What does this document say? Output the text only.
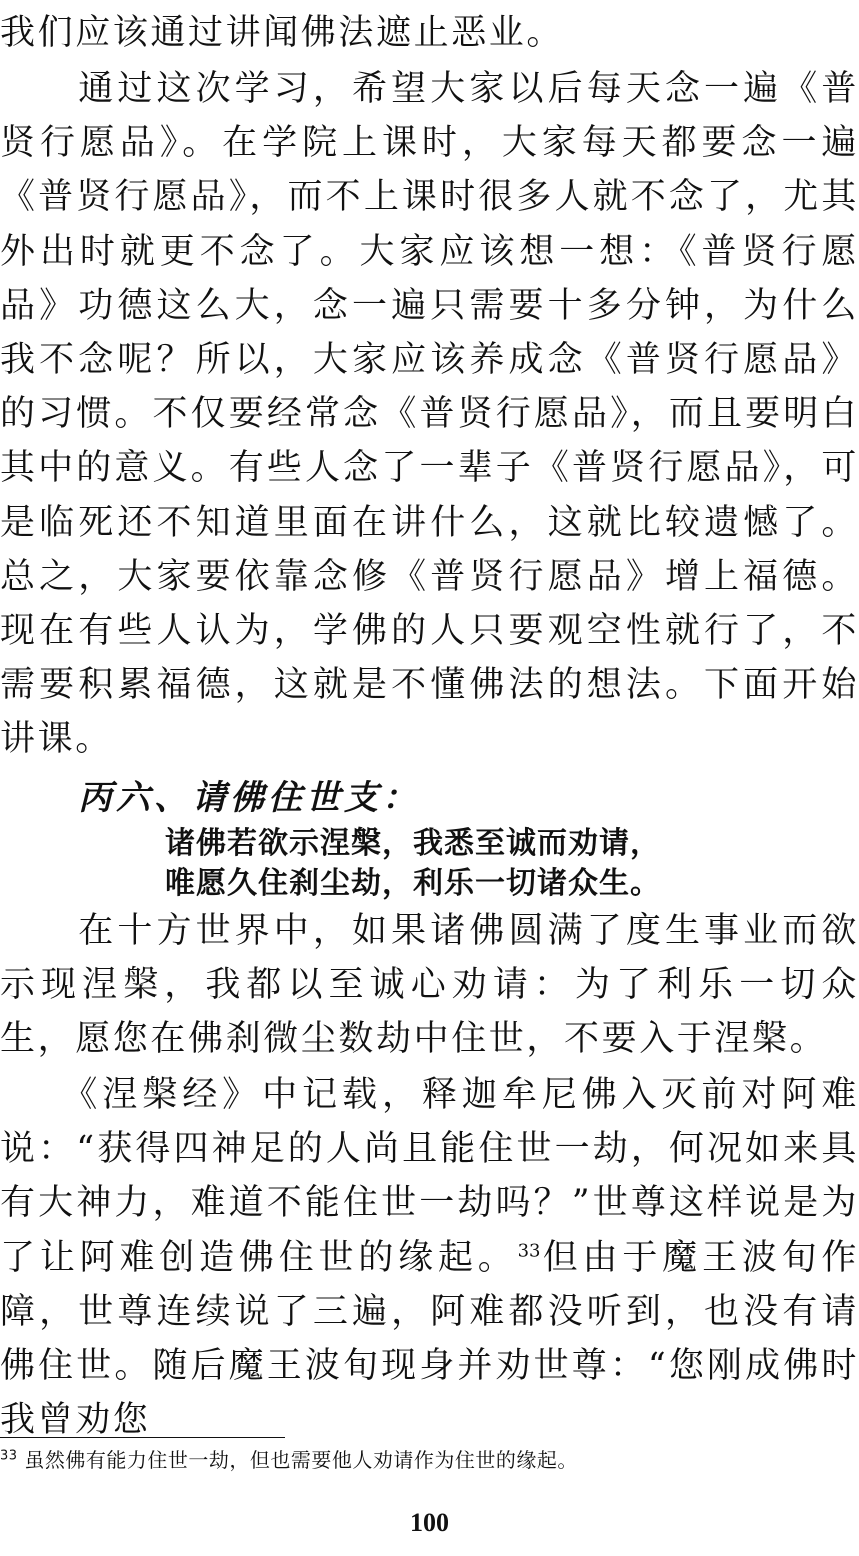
我们应该通过讲闻佛法遮止恶业。

　　通过这次学习，希望大家以后每天念一遍《普贤行愿品》。在学院上课时，大家每天都要念一遍《普贤行愿品》，而不上课时很多人就不念了，尤其外出时就更不念了。大家应该想一想：《普贤行愿品》功德这么大，念一遍只需要十多分钟，为什么我不念呢？所以，大家应该养成念《普贤行愿品》的习惯。不仅要经常念《普贤行愿品》，而且要明白其中的意义。有些人念了一辈子《普贤行愿品》，可是临死还不知道里面在讲什么，这就比较遗憾了。总之，大家要依靠念修《普贤行愿品》增上福德。现在有些人认为，学佛的人只要观空性就行了，不需要积累福德，这就是不懂佛法的想法。下面开始讲课。

丙六、请佛住世支：
诸佛若欲示涅槃，我悉至诚而劝请，
唯愿久住刹尘劫，利乐一切诸众生。

　　在十方世界中，如果诸佛圆满了度生事业而欲示现涅槃，我都以至诚心劝请：为了利乐一切众生，愿您在佛刹微尘数劫中住世，不要入于涅槃。

　　《涅槃经》中记载，释迦牟尼佛入灭前对阿难说：“获得四神足的人尚且能住世一劫，何况如来具有大神力，难道不能住世一劫吗？”世尊这样说是为了让阿难创造佛住世的缘起。$^{33}$但由于魔王波旬作障，世尊连续说了三遍，阿难都没听到，也没有请佛住世。随后魔王波旬现身并劝世尊：“您刚成佛时我曾劝您

$^{33}$ 虽然佛有能力住世一劫，但也需要他人劝请作为住世的缘起。
100
